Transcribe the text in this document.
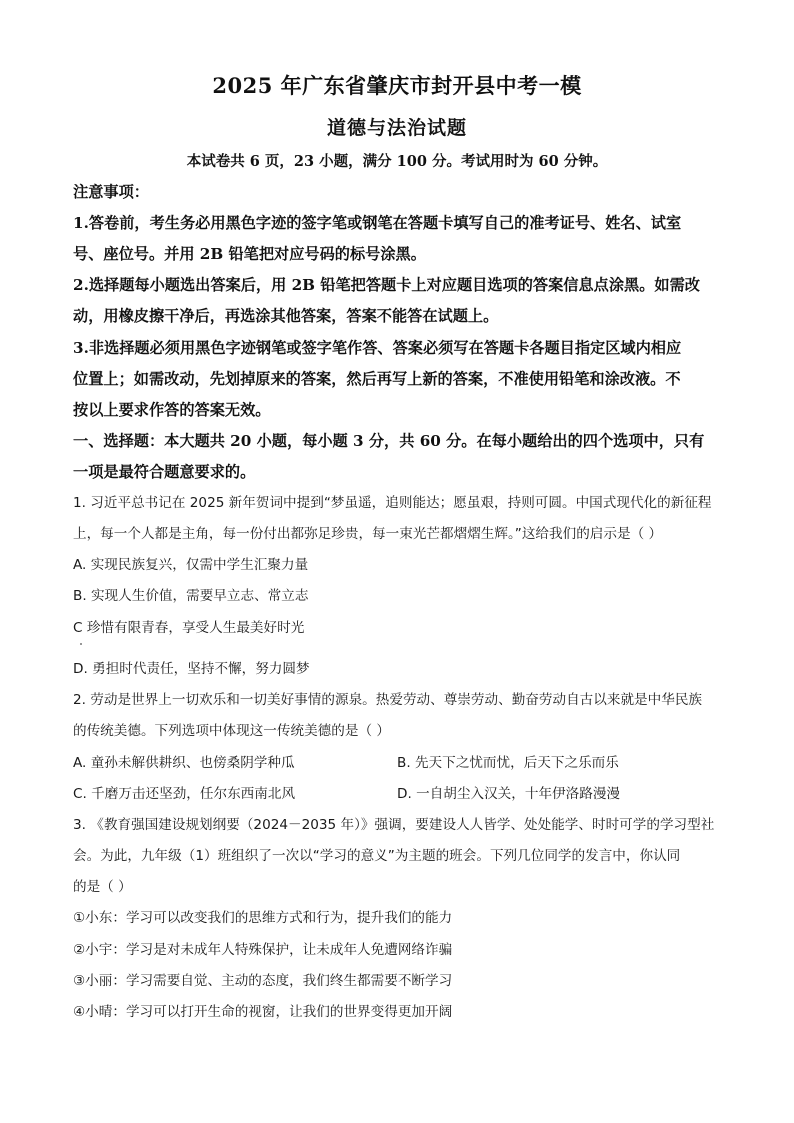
2025 年广东省肇庆市封开县中考一模
道德与法治试题
本试卷共 6 页，23 小题，满分 100 分。考试用时为 60 分钟。
注意事项：
1.答卷前，考生务必用黑色字迹的签字笔或钢笔在答题卡填写自己的准考证号、姓名、试室
号、座位号。并用 2B 铅笔把对应号码的标号涂黑。
2.选择题每小题选出答案后，用 2B 铅笔把答题卡上对应题目选项的答案信息点涂黑。如需改
动，用橡皮擦干净后，再选涂其他答案，答案不能答在试题上。
3.非选择题必须用黑色字迹钢笔或签字笔作答、答案必须写在答题卡各题目指定区域内相应
位置上；如需改动，先划掉原来的答案，然后再写上新的答案，不准使用铅笔和涂改液。不
按以上要求作答的答案无效。
一、选择题：本大题共 20 小题，每小题 3 分，共 60 分。在每小题给出的四个选项中，只有
一项是最符合题意要求的。
1. 习近平总书记在 2025 新年贺词中提到“梦虽遥，追则能达；愿虽艰，持则可圆。中国式现代化的新征程
上，每一个人都是主角，每一份付出都弥足珍贵，每一束光芒都熠熠生辉。”这给我们的启示是（ ）
A. 实现民族复兴，仅需中学生汇聚力量
B. 实现人生价值，需要早立志、常立志
C 珍惜有限青春，享受人生最美好时光
D. 勇担时代责任，坚持不懈，努力圆梦
2. 劳动是世界上一切欢乐和一切美好事情的源泉。热爱劳动、尊崇劳动、勤奋劳动自古以来就是中华民族
的传统美德。下列选项中体现这一传统美德的是（ ）
A. 童孙未解供耕织、也傍桑阴学种瓜	B. 先天下之忧而忧，后天下之乐而乐
C. 千磨万击还坚劲，任尔东西南北风	D. 一自胡尘入汉关，十年伊洛路漫漫
3. 《教育强国建设规划纲要（2024－2035 年）》强调，要建设人人皆学、处处能学、时时可学的学习型社
会。为此，九年级（1）班组织了一次以“学习的意义”为主题的班会。下列几位同学的发言中，你认同
的是（ ）
①小东：学习可以改变我们的思维方式和行为，提升我们的能力
②小宇：学习是对未成年人特殊保护，让未成年人免遭网络诈骗
③小丽：学习需要自觉、主动的态度，我们终生都需要不断学习
④小晴：学习可以打开生命的视窗，让我们的世界变得更加开阔
